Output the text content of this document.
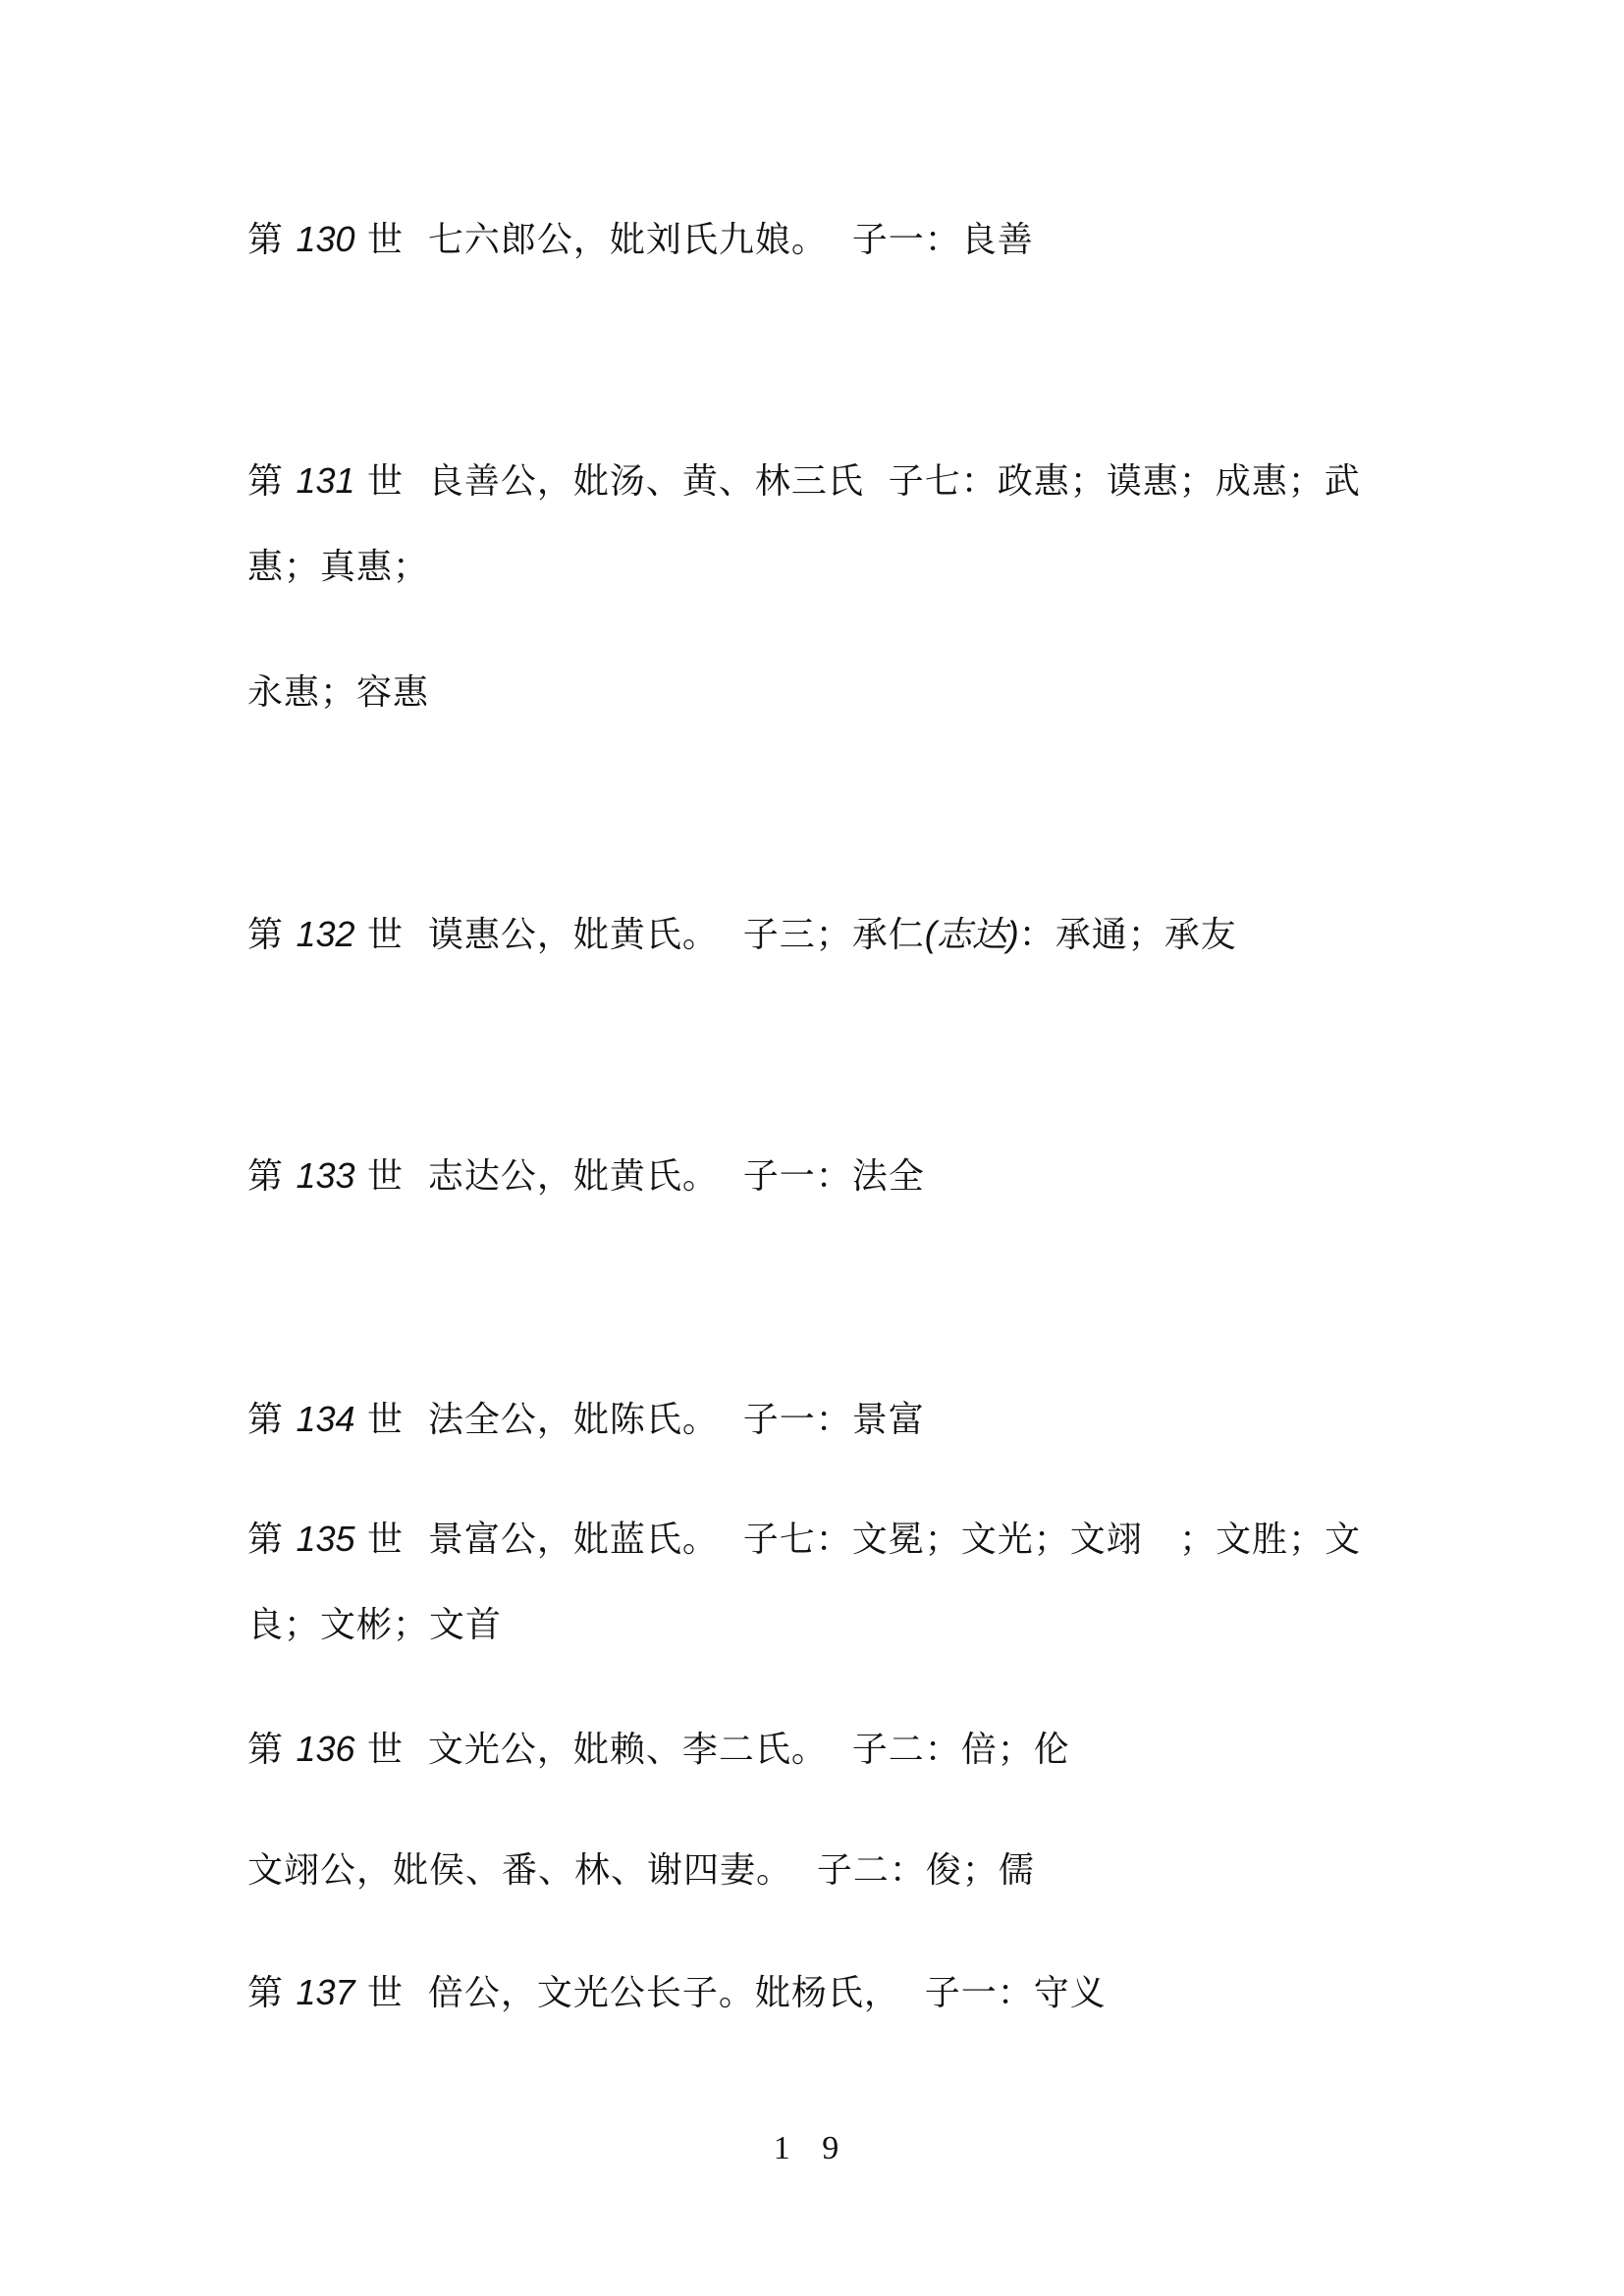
第 130 世  七六郎公，妣刘氏九娘。  子一：良善
第 131 世  良善公，妣汤、黄、林三氏  子七：政惠；谟惠；成惠；武
惠；真惠；
永惠；容惠
第 132 世  谟惠公，妣黄氏。  子三；承仁(志达)：承通；承友
第 133 世  志达公，妣黄氏。  子一：法全
第 134 世  法全公，妣陈氏。  子一：景富
第 135 世  景富公，妣蓝氏。  子七：文冕；文光；文翊   ；文胜；文
良；文彬；文首
第 136 世  文光公，妣赖、李二氏。  子二：倍；伦
文翊公，妣侯、番、林、谢四妻。  子二：俊；儒
第 137 世  倍公，文光公长子。妣杨氏，  子一：守义
1 9
